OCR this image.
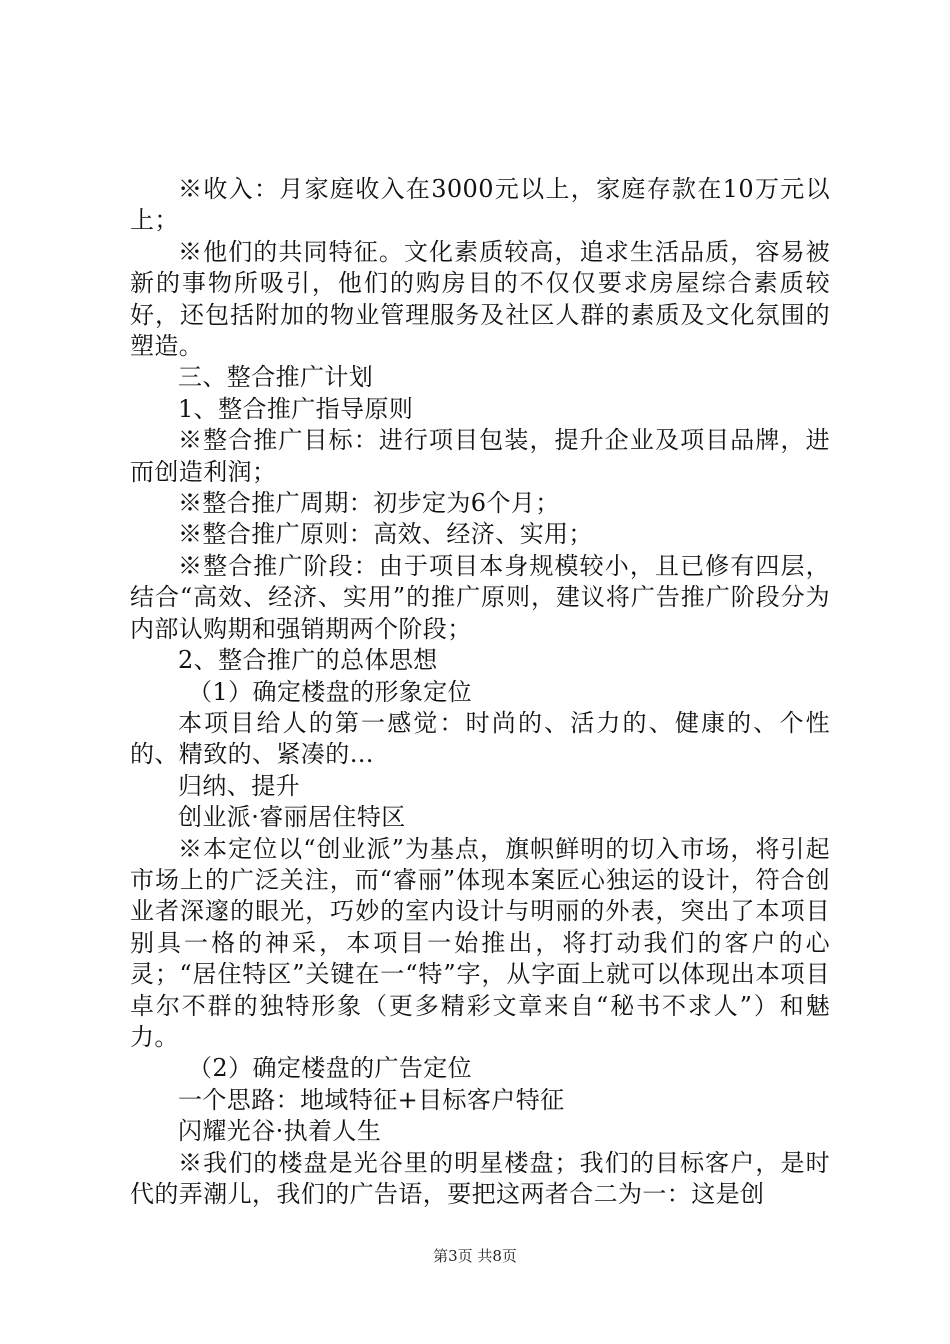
※收入：月家庭收入在3000元以上，家庭存款在10万元以上；

※他们的共同特征。文化素质较高，追求生活品质，容易被新的事物所吸引，他们的购房目的不仅仅要求房屋综合素质较好，还包括附加的物业管理服务及社区人群的素质及文化氛围的塑造。

三、整合推广计划

1、整合推广指导原则

※整合推广目标：进行项目包装，提升企业及项目品牌，进而创造利润；

※整合推广周期：初步定为6个月；

※整合推广原则：高效、经济、实用；

※整合推广阶段：由于项目本身规模较小，且已修有四层，结合“高效、经济、实用”的推广原则，建议将广告推广阶段分为内部认购期和强销期两个阶段；

2、整合推广的总体思想

（1）确定楼盘的形象定位

本项目给人的第一感觉：时尚的、活力的、健康的、个性的、精致的、紧凑的…

归纳、提升

创业派·睿丽居住特区

※本定位以“创业派”为基点，旗帜鲜明的切入市场，将引起市场上的广泛关注，而“睿丽”体现本案匠心独运的设计，符合创业者深邃的眼光，巧妙的室内设计与明丽的外表，突出了本项目别具一格的神采，本项目一始推出，将打动我们的客户的心灵；“居住特区”关键在一“特”字，从字面上就可以体现出本项目卓尔不群的独特形象（更多精彩文章来自“秘书不求人”）和魅力。

（2）确定楼盘的广告定位

一个思路：地域特征+目标客户特征

闪耀光谷·执着人生

※我们的楼盘是光谷里的明星楼盘；我们的目标客户，是时代的弄潮儿，我们的广告语，要把这两者合二为一：这是创

第3页 共8页
